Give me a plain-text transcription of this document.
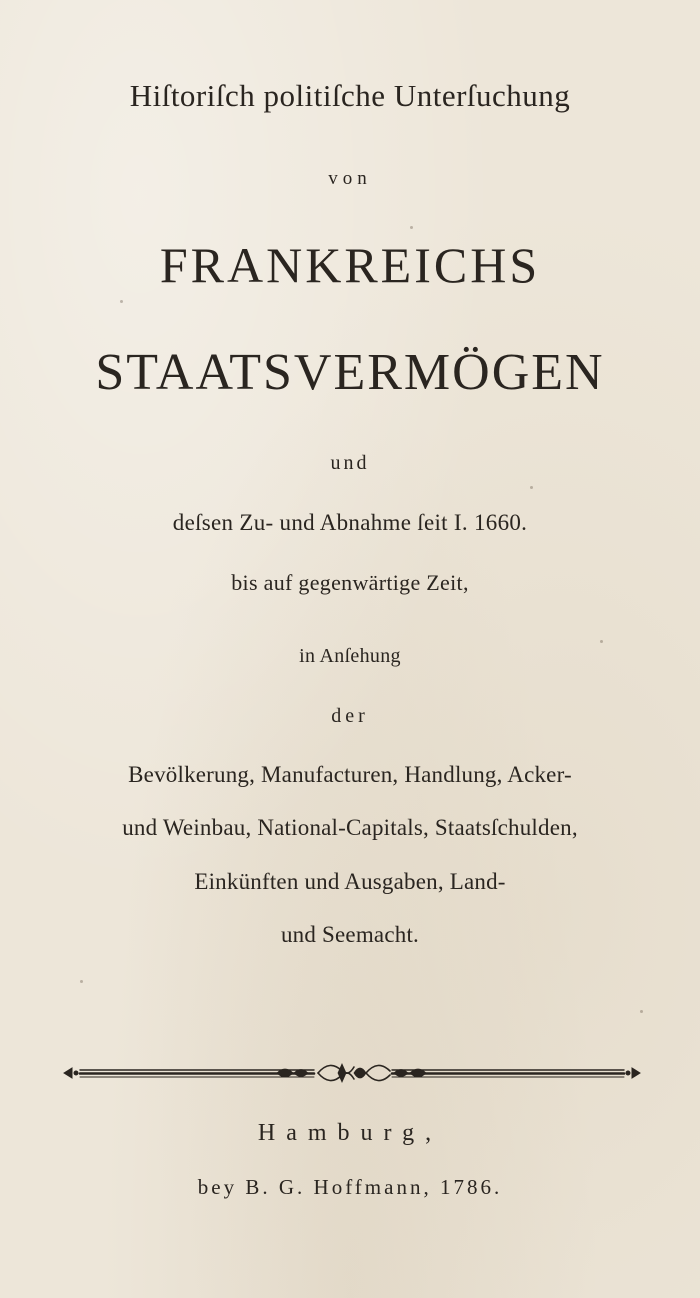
Hiſtoriſch politiſche Unterſuchung
von
FRANKREICHS
STAATSVERMÖGEN
und
deſsen Zu- und Abnahme ſeit I. 1660.
bis auf gegenwärtige Zeit,
in Anſehung
der
Bevölkerung, Manufacturen, Handlung, Acker-
und Weinbau, National-Capitals, Staatsſchulden,
Einkünften und Ausgaben, Land-
und Seemacht.
Hamburg,
bey B. G. Hoffmann, 1786.
